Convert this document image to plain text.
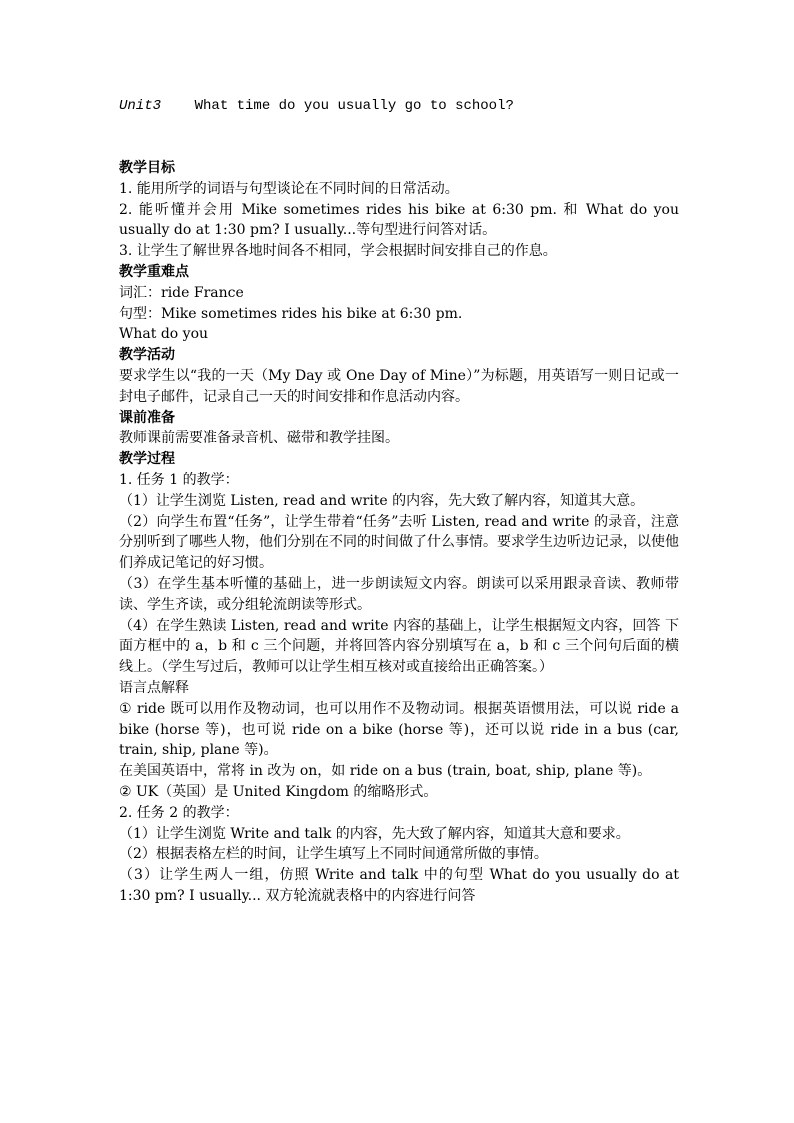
Unit3    What time do you usually go to school?

教学目标

1. 能用所学的词语与句型谈论在不同时间的日常活动。

2. 能听懂并会用 Mike sometimes rides his bike at 6:30 pm. 和 What do you usually do at 1:30 pm? I usually...等句型进行问答对话。

3. 让学生了解世界各地时间各不相同，学会根据时间安排自己的作息。

教学重难点

词汇：ride France

句型：Mike sometimes rides his bike at 6:30 pm.

What do you

教学活动

要求学生以“我的一天（My Day 或 One Day of Mine）”为标题，用英语写一则日记或一封电子邮件，记录自己一天的时间安排和作息活动内容。

课前准备

教师课前需要准备录音机、磁带和教学挂图。

教学过程

1. 任务 1 的教学：

（1）让学生浏览 Listen, read and write 的内容，先大致了解内容，知道其大意。

（2）向学生布置“任务”，让学生带着“任务”去听 Listen, read and write 的录音，注意分别听到了哪些人物，他们分别在不同的时间做了什么事情。要求学生边听边记录，以使他们养成记笔记的好习惯。

（3）在学生基本听懂的基础上，进一步朗读短文内容。朗读可以采用跟录音读、教师带读、学生齐读，或分组轮流朗读等形式。

（4）在学生熟读 Listen, read and write 内容的基础上，让学生根据短文内容，回答 下面方框中的 a，b 和 c 三个问题，并将回答内容分别填写在 a，b 和 c 三个问句后面的横线上。（学生写过后，教师可以让学生相互核对或直接给出正确答案。）

语言点解释

① ride 既可以用作及物动词，也可以用作不及物动词。根据英语惯用法，可以说 ride a bike (horse 等)，也可说 ride on a bike (horse 等)，还可以说 ride in a bus (car, train, ship, plane 等)。

在美国英语中，常将 in 改为 on，如 ride on a bus (train, boat, ship, plane 等)。

② UK（英国）是 United Kingdom 的缩略形式。

2. 任务 2 的教学：

（1）让学生浏览 Write and talk 的内容，先大致了解内容，知道其大意和要求。

（2）根据表格左栏的时间，让学生填写上不同时间通常所做的事情。

（3）让学生两人一组，仿照 Write and talk 中的句型 What do you usually do at 1:30 pm? I usually... 双方轮流就表格中的内容进行问答
